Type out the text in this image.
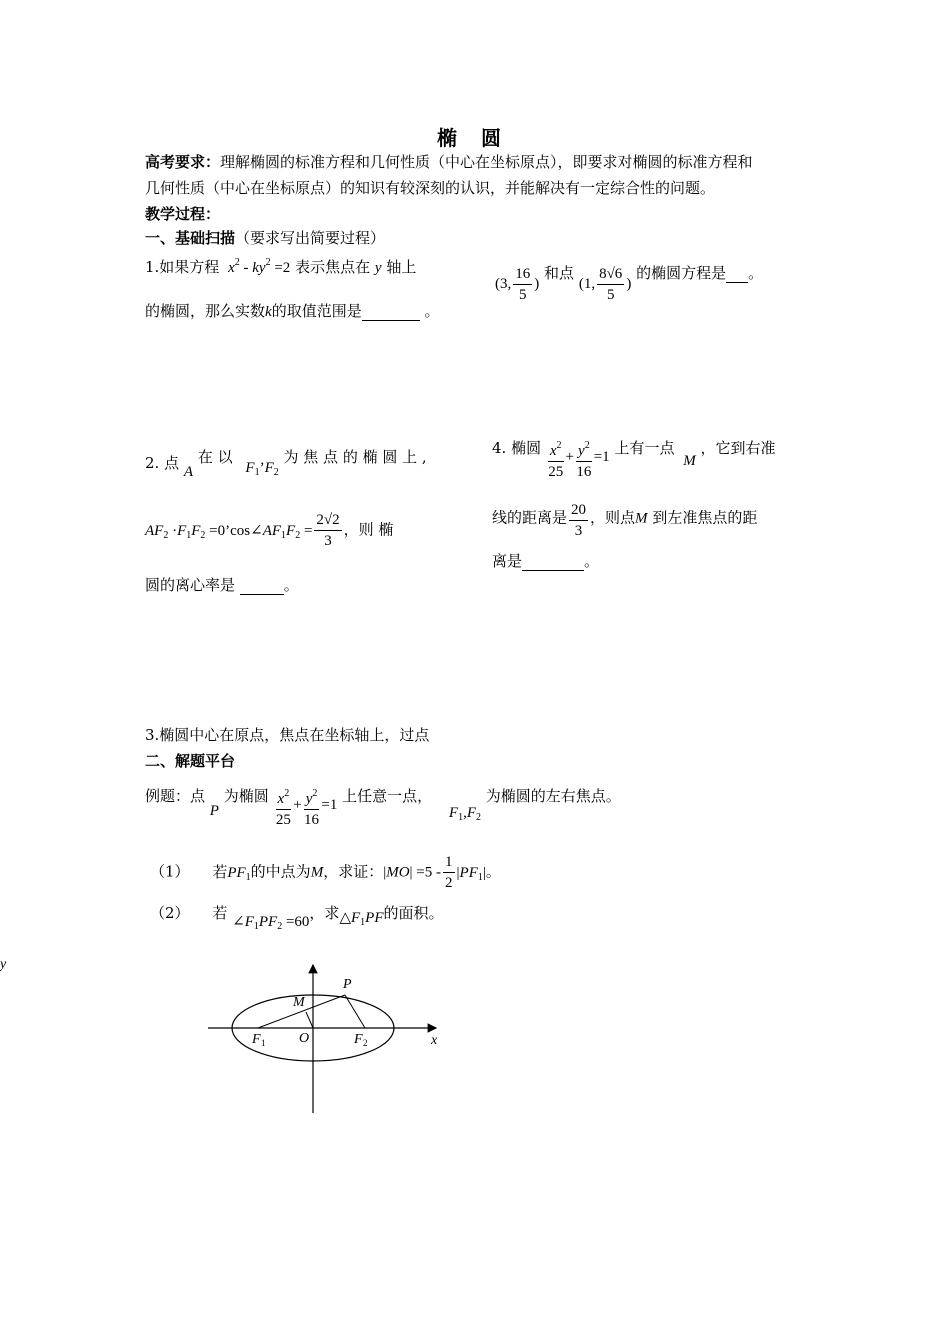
椭　圆
高考要求：理解椭圆的标准方程和几何性质（中心在坐标原点），即要求对椭圆的标准方程和
几何性质（中心在坐标原点）的知识有较深刻的认识，并能解决有一定综合性的问题。
教学过程：
一、基础扫描（要求写出简要过程）
1.如果方程 $x^2 - ky^2 =2$ 表示焦点在 y 轴上
的椭圆，那么实数k的取值范围是	。
(3, $\frac{16}{5}$ ) 和点 (1, $\frac{8√6}{5}$ ) 的椭圆方程是 。
2. 点 A 在 以 $F_1’F_2$ 为 焦 点 的 椭 圆 上 ,
$AF_2 \cdot F_1F_2$ $=0’\cos\angle AF_1F_2 = \frac{2√2}{3}$ ，则 椭
圆的离心率是	。
4. 椭圆 $\frac{x^2}{25} + \frac{y^2}{16} =1$ 上有一点 M ，它到右准
线的距离是 $\frac{20}{3}$ ，则点M 到左准焦点的距
离是	。
3.椭圆中心在原点，焦点在坐标轴上，过点
二、解题平台
例题：点 P 为椭圆 $\frac{x^2}{25} + \frac{y^2}{16} =1$ 上任意一点， $F_1,F_2$ 为椭圆的左右焦点。
（1） 若$PF_1$的中点为M，求证：$|MO| =5 - \frac{1}{2} |PF_1|$。
（2） 若 $\angle F_1PF_2 =60$，求$\triangle F_1PF$的面积。
y
P
M
O
F 1	F 2	x
